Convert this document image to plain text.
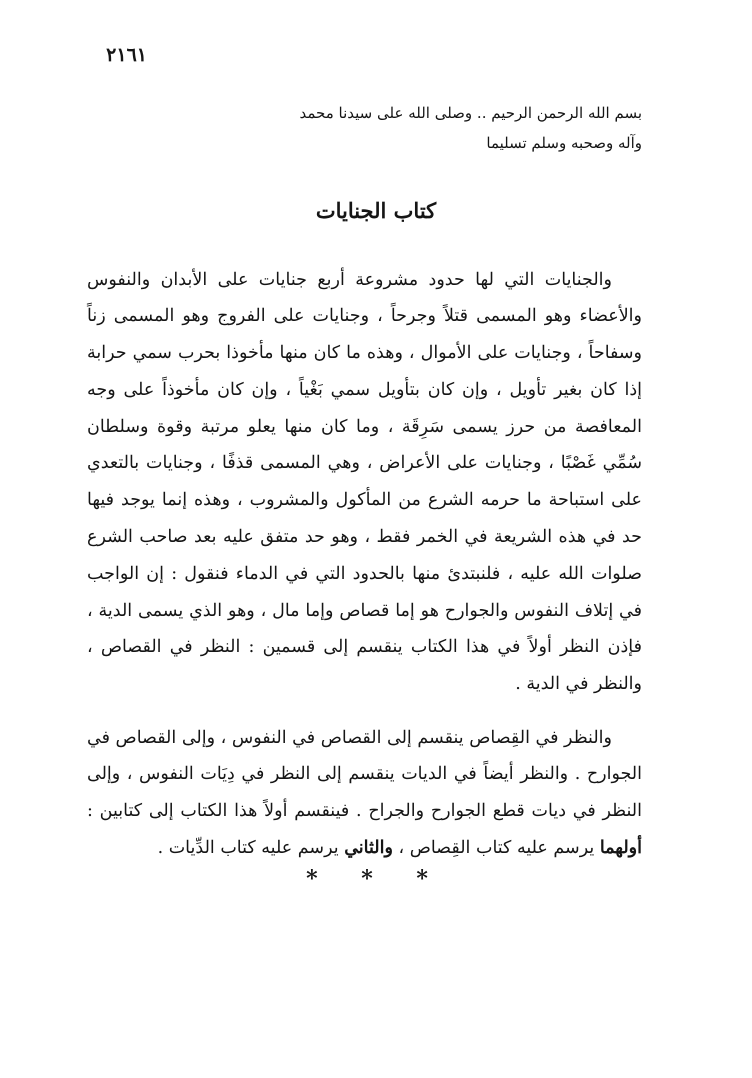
٢١٦١
بسم الله الرحمن الرحيم .. وصلى الله على سيدنا محمد وآله وصحبه وسلم تسليما
كتاب الجنايات

والجنايات التي لها حدود مشروعة أربع جنايات على الأبدان والنفوس والأعضاء وهو المسمى قتلاً وجرحاً ، وجنايات على الفروج وهو المسمى زناً وسفاحاً ، وجنايات على الأموال ، وهذه ما كان منها مأخوذا بحرب سمي حرابة إذا كان بغير تأويل ، وإن كان بتأويل سمي بَغْياً ، وإن كان مأخوذاً على وجه المعافصة من حرز يسمى سَرِقَة ، وما كان منها يعلو مرتبة وقوة وسلطان سُمِّي غَصْبًا ، وجنايات على الأعراض ، وهي المسمى قذفًا ، وجنايات بالتعدي على استباحة ما حرمه الشرع من المأكول والمشروب ، وهذه إنما يوجد فيها حد في هذه الشريعة في الخمر فقط ، وهو حد متفق عليه بعد صاحب الشرع صلوات الله عليه ، فلنبتدئ منها بالحدود التي في الدماء فنقول : إن الواجب في إتلاف النفوس والجوارح هو إما قصاص وإما مال ، وهو الذي يسمى الدية ، فإذن النظر أولاً في هذا الكتاب ينقسم إلى قسمين : النظر في القصاص ، والنظر في الدية .

والنظر في القِصاص ينقسم إلى القصاص في النفوس ، وإلى القصاص في الجوارح . والنظر أيضاً في الديات ينقسم إلى النظر في دِيَات النفوس ، وإلى النظر في ديات قطع الجوارح والجراح . فينقسم أولاً هذا الكتاب إلى كتابين : أولهما يرسم عليه كتاب القِصاص ، والثاني يرسم عليه كتاب الدِّيات .

* * *
